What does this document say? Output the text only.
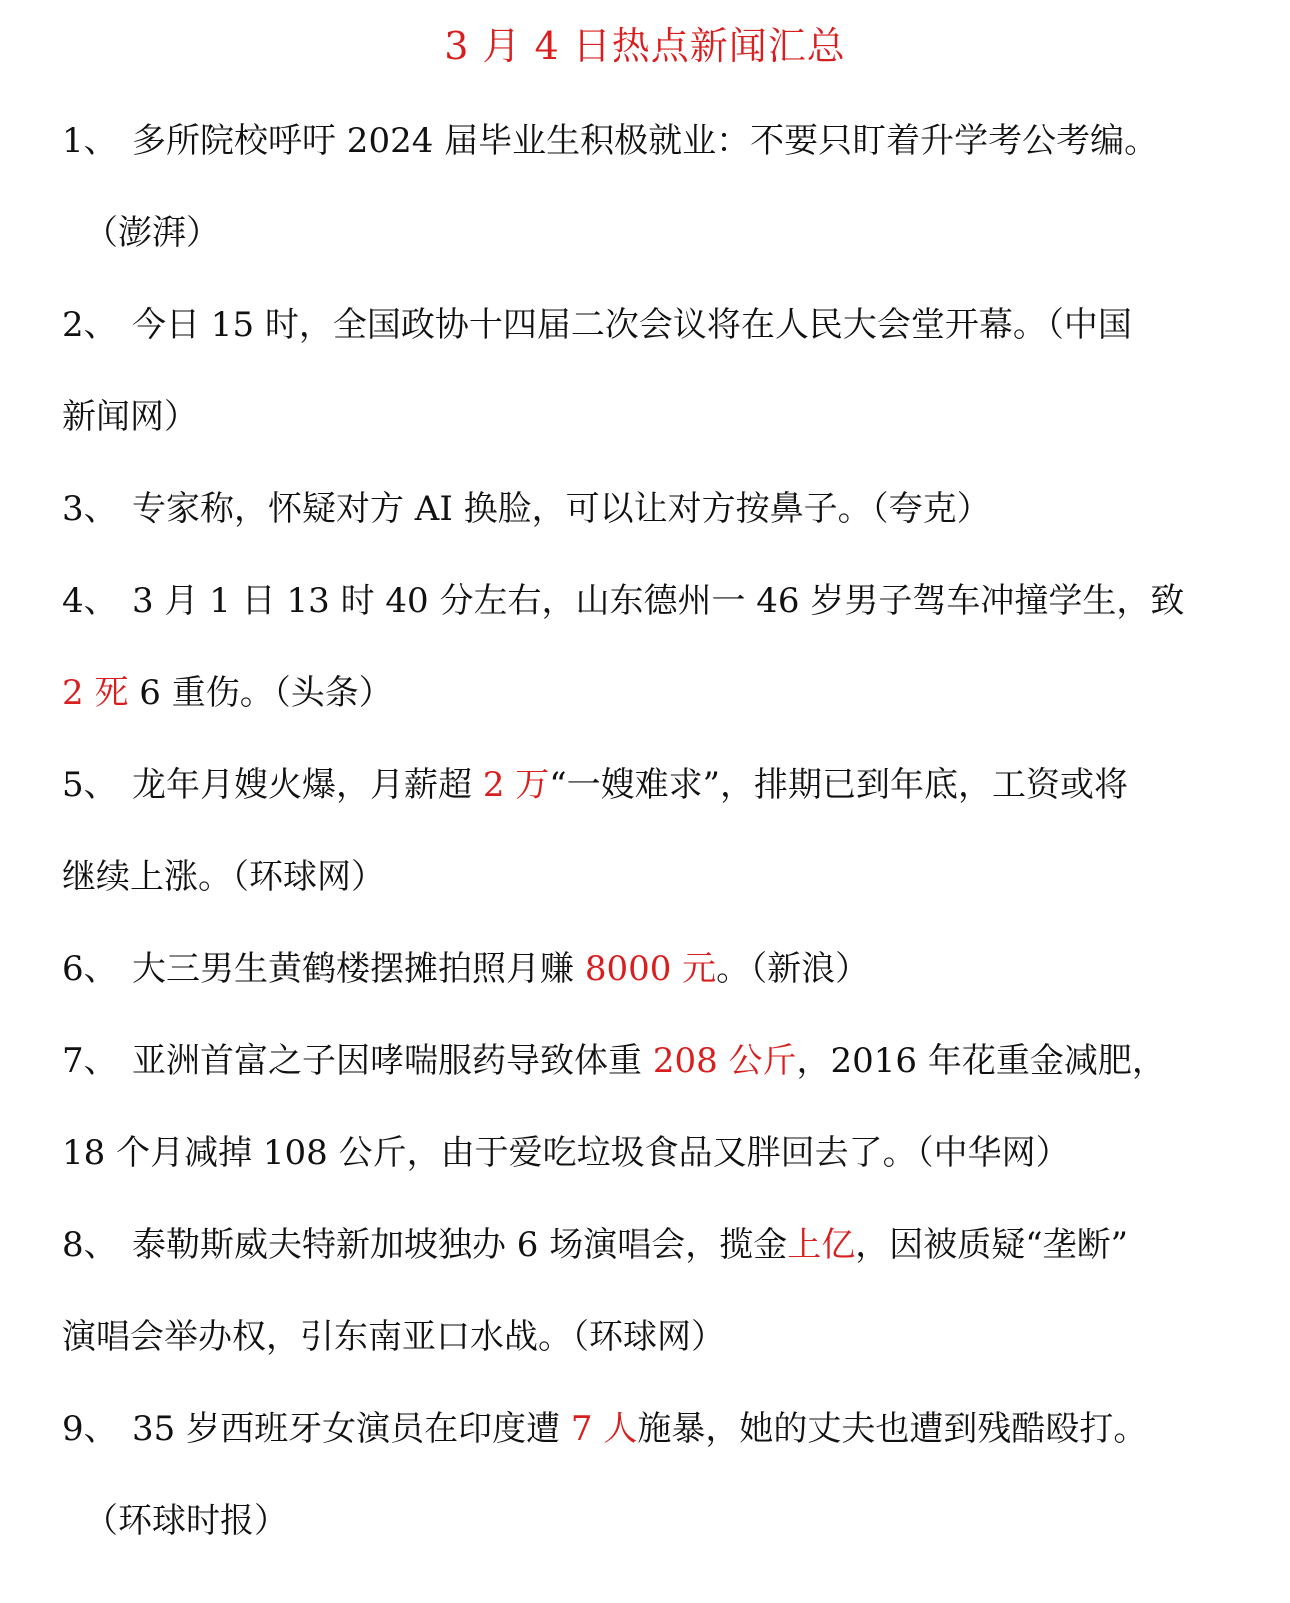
3 月 4 日热点新闻汇总
1、 多所院校呼吁 2024 届毕业生积极就业：不要只盯着升学考公考编。
（澎湃）
2、 今日 15 时，全国政协十四届二次会议将在人民大会堂开幕。（中国
新闻网）
3、 专家称，怀疑对方 AI 换脸，可以让对方按鼻子。（夸克）
4、 3 月 1 日 13 时 40 分左右，山东德州一 46 岁男子驾车冲撞学生，致
2 死 6 重伤。（头条）
5、 龙年月嫂火爆，月薪超 2 万“一嫂难求”，排期已到年底，工资或将
继续上涨。（环球网）
6、 大三男生黄鹤楼摆摊拍照月赚 8000 元。（新浪）
7、 亚洲首富之子因哮喘服药导致体重 208 公斤，2016 年花重金减肥，
18 个月减掉 108 公斤，由于爱吃垃圾食品又胖回去了。（中华网）
8、 泰勒斯威夫特新加坡独办 6 场演唱会，揽金上亿，因被质疑“垄断”
演唱会举办权，引东南亚口水战。（环球网）
9、 35 岁西班牙女演员在印度遭 7 人施暴，她的丈夫也遭到残酷殴打。
（环球时报）
